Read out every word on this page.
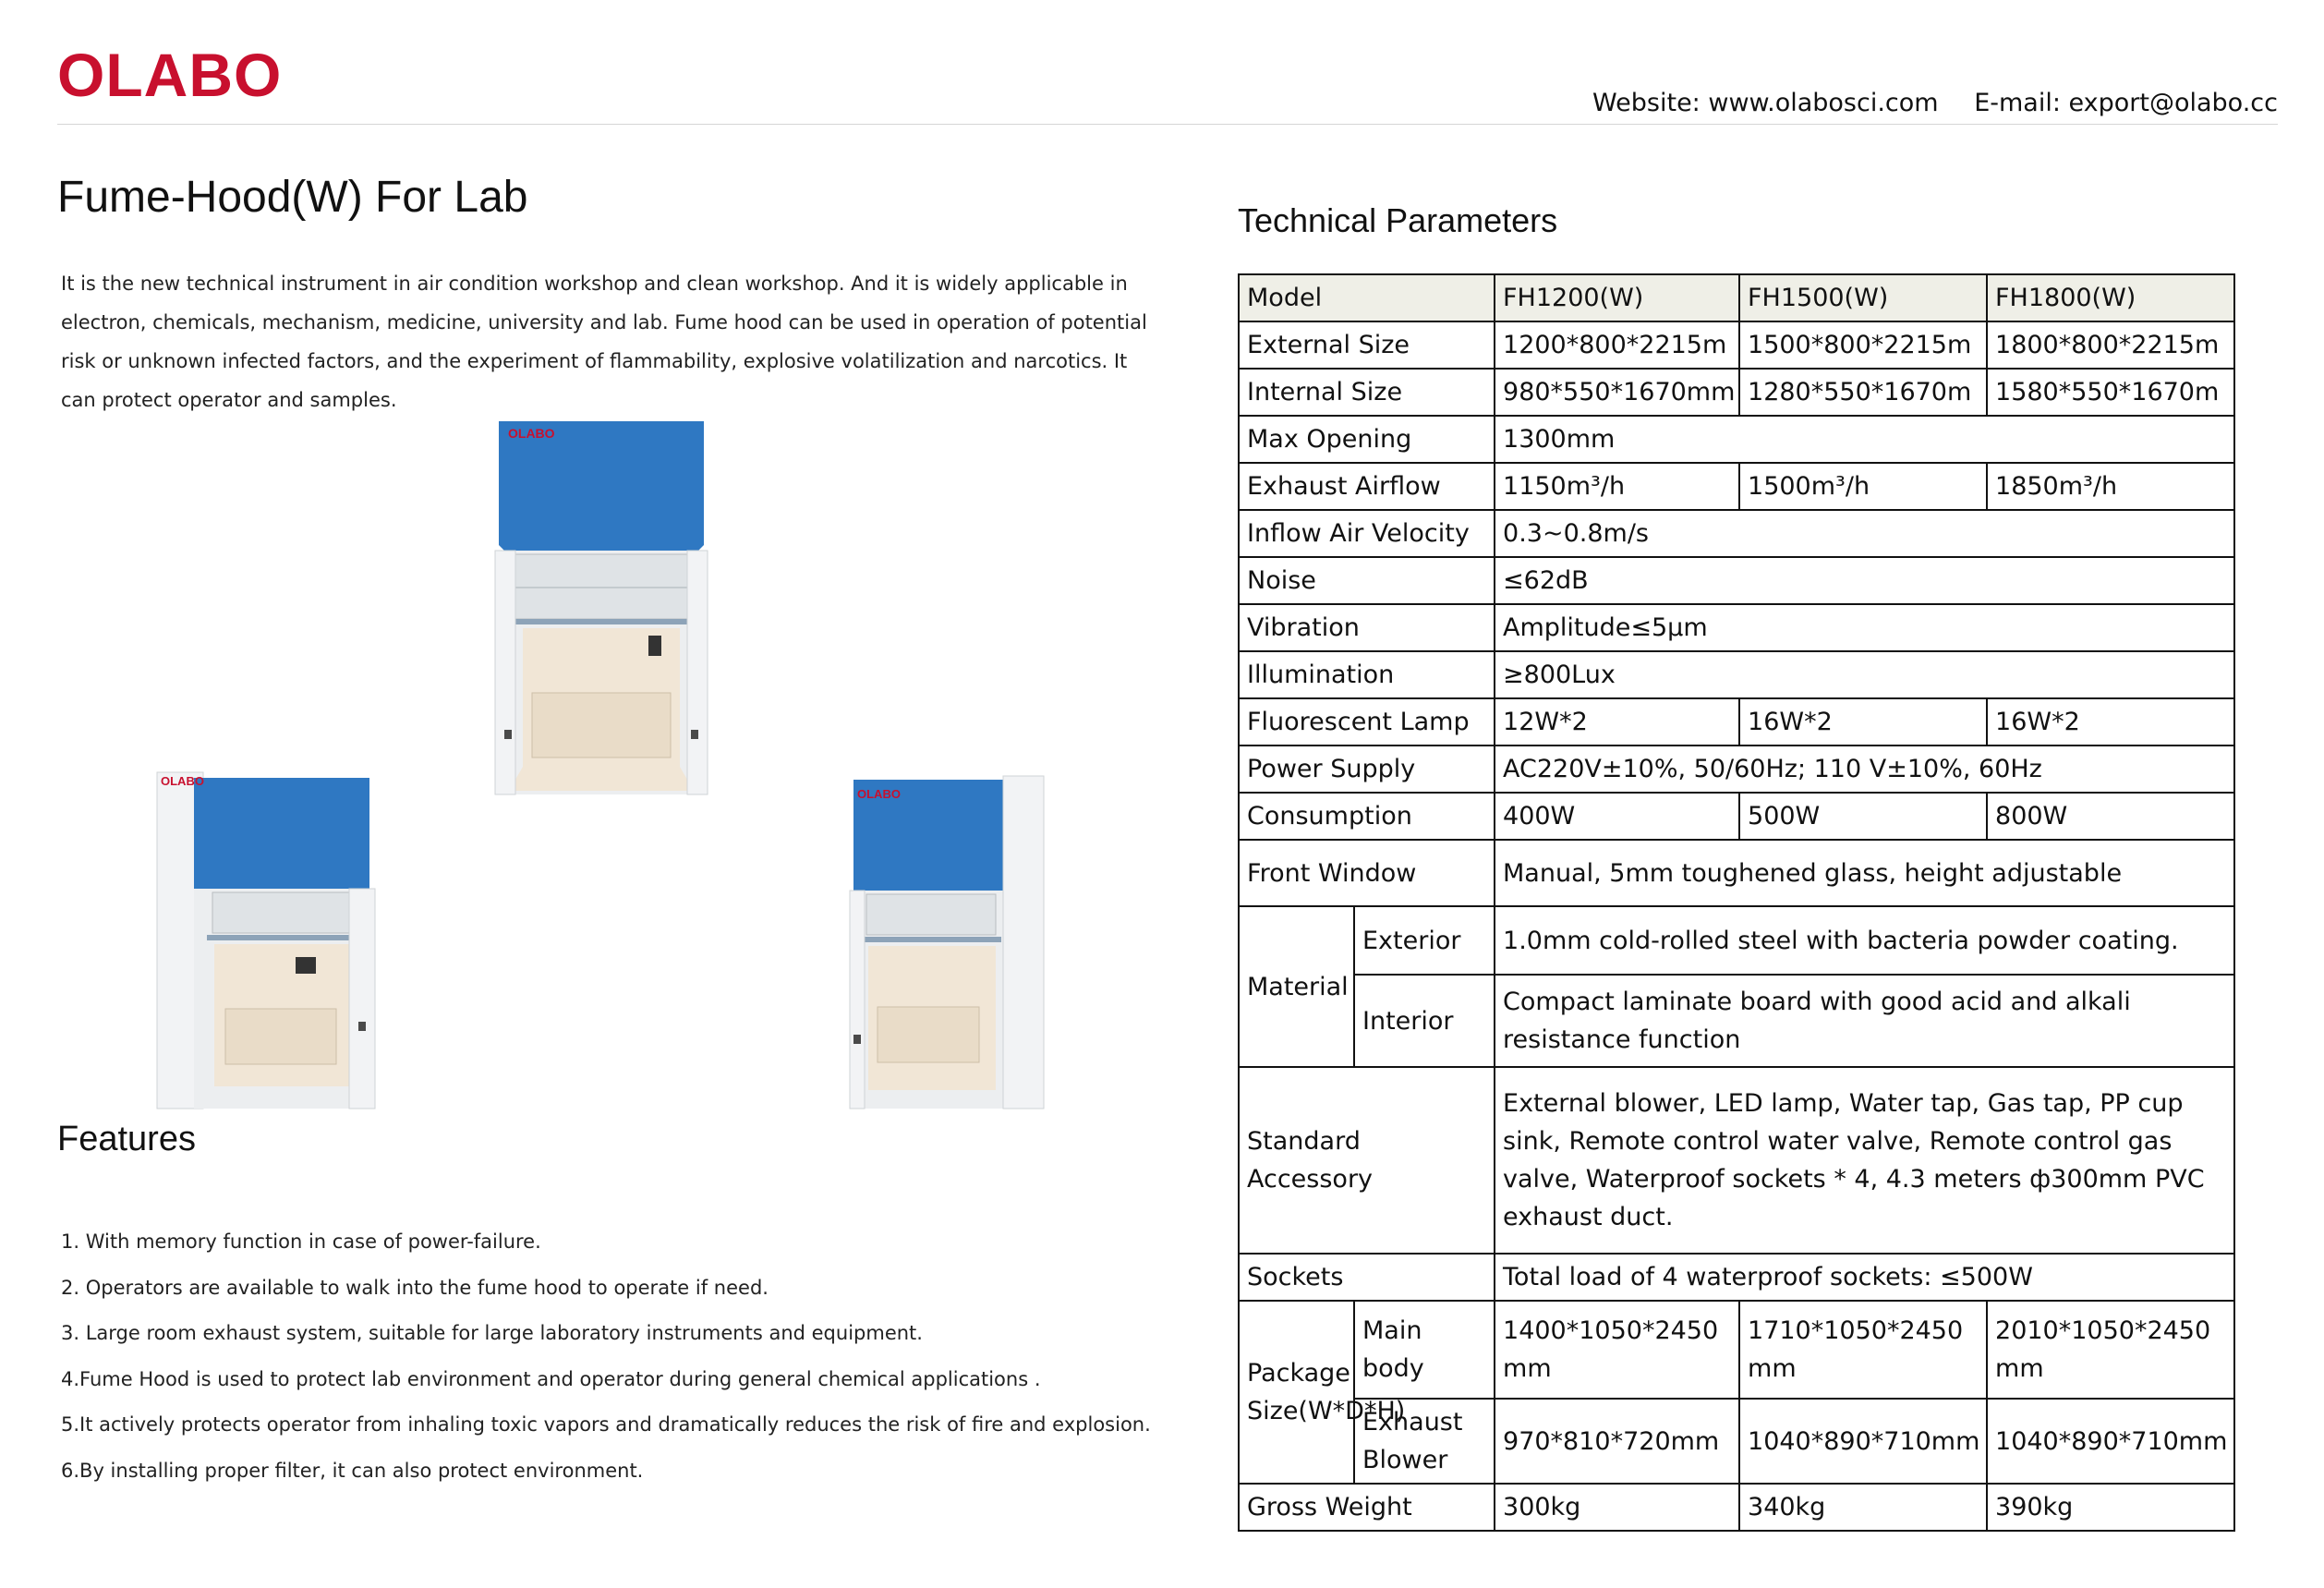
OLABO	Website: www.olabosci.com E-mail: export@olabo.cc
Fume-Hood(W) For Lab

It is the new technical instrument in air condition workshop and clean workshop. And it is widely applicable in electron, chemicals, mechanism, medicine, university and lab. Fume hood can be used in operation of potential risk or unknown infected factors, and the experiment of flammability, explosive volatilization and narcotics. It can protect operator and samples.

OLABO
OLABO
OLABO
Features
1. With memory function in case of power-failure.
2. Operators are available to walk into the fume hood to operate if need.
3. Large room exhaust system, suitable for large laboratory instruments and equipment.
4.Fume Hood is used to protect lab environment and operator during general chemical applications .
5.It actively protects operator from inhaling toxic vapors and dramatically reduces the risk of fire and explosion.
6.By installing proper filter, it can also protect environment.
Technical Parameters
Model		FH1200(W)	FH1500(W)	FH1800(W)
External Size		1200*800*2215m	1500*800*2215m	1800*800*2215m
Internal Size		980*550*1670mm	1280*550*1670m	1580*550*1670m
Max Opening		1300mm		
Exhaust Airflow		1150m³/h	1500m³/h	1850m³/h
Inflow Air Velocity		0.3~0.8m/s		
Noise		≤62dB		
Vibration		Amplitude≤5μm		
Illumination		≥800Lux		
Fluorescent Lamp		12W*2	16W*2	16W*2
Power Supply		AC220V±10%, 50/60Hz; 110 V±10%, 60Hz		
Consumption		400W	500W	800W
Front Window		Manual, 5mm toughened glass, height adjustable		
Material	Exterior	1.0mm cold-rolled steel with bacteria powder coating.		
	Interior	Compact laminate board with good acid and alkali resistance function		
Standard Accessory		External blower, LED lamp, Water tap, Gas tap, PP cup sink, Remote control water valve, Remote control gas valve, Waterproof sockets * 4, 4.3 meters ф300mm PVC exhaust duct.		
Sockets		Total load of 4 waterproof sockets: ≤500W		
Package Size(W*D*H)	Main body	1400*1050*2450mm	1710*1050*2450mm	2010*1050*2450mm
	Exhaust Blower	970*810*720mm	1040*890*710mm	1040*890*710mm
Gross Weight		300kg	340kg	390kg
